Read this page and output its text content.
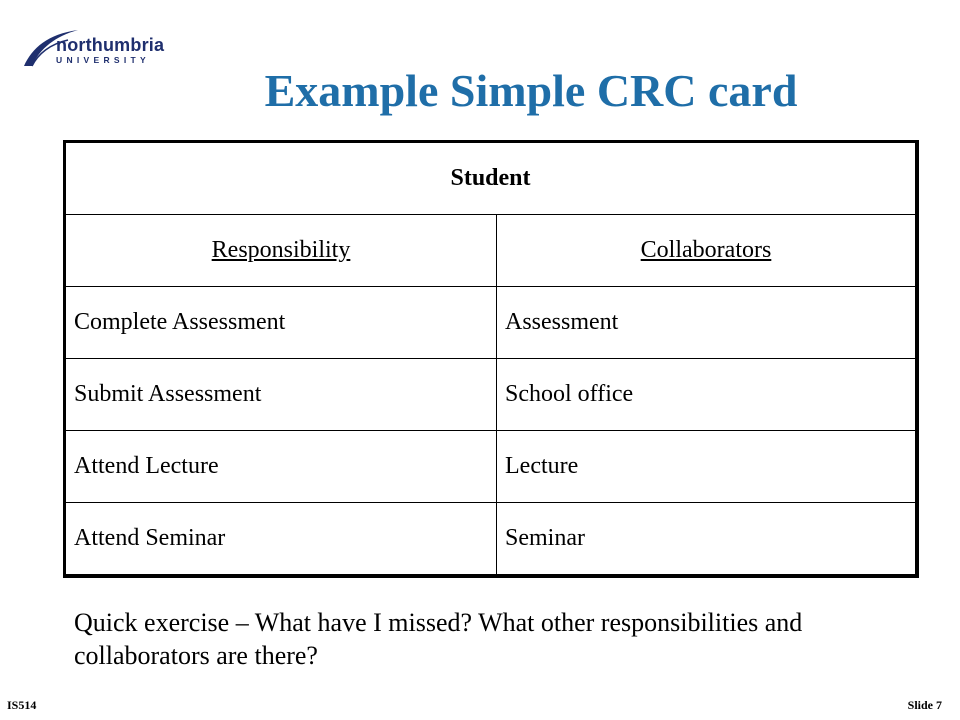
northumbria
UNIVERSITY
Example Simple CRC card
Student	
Responsibility	Collaborators
Complete Assessment	Assessment
Submit Assessment	School office
Attend Lecture	Lecture
Attend Seminar	Seminar
Quick exercise – What have I missed? What other responsibilities and collaborators are there?
IS514	Slide 7
